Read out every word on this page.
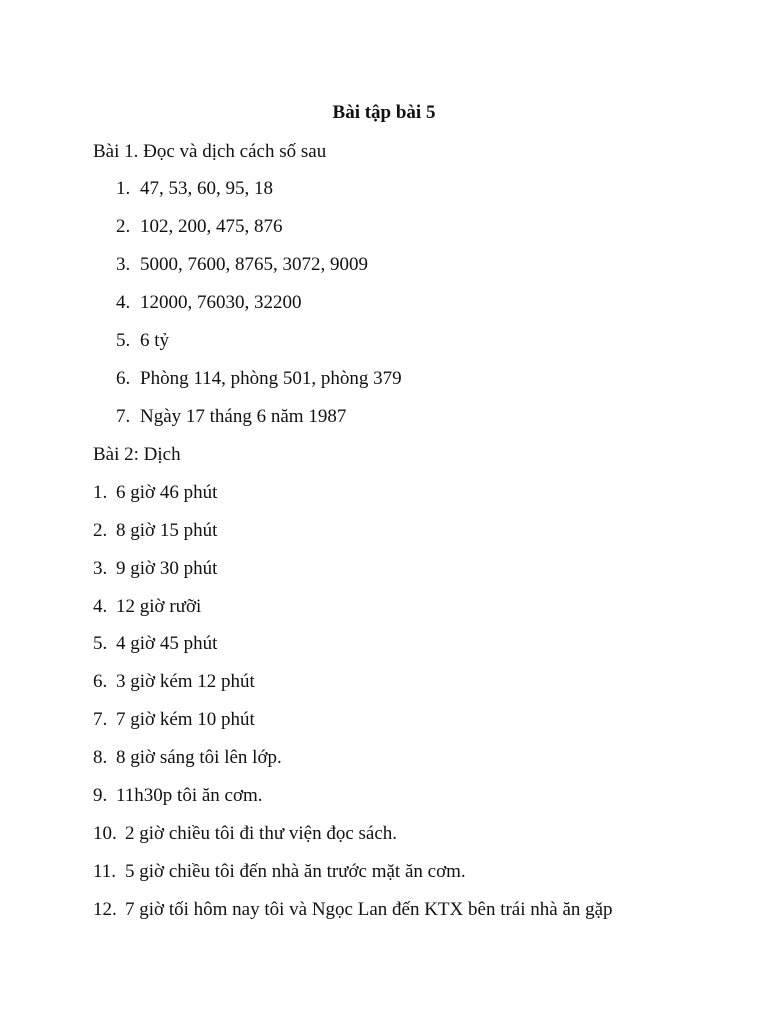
Bài tập bài 5
Bài 1. Đọc và dịch cách số sau
1. 47, 53, 60, 95, 18
2. 102, 200, 475, 876
3. 5000, 7600, 8765, 3072, 9009
4. 12000, 76030, 32200
5. 6 tỷ
6. Phòng 114, phòng 501, phòng 379
7. Ngày 17 tháng 6 năm 1987
Bài 2: Dịch
1. 6 giờ 46 phút
2. 8 giờ 15 phút
3. 9 giờ 30 phút
4. 12 giờ rưỡi
5. 4 giờ 45 phút
6. 3 giờ kém 12 phút
7. 7 giờ kém 10 phút
8. 8 giờ sáng tôi lên lớp.
9. 11h30p tôi ăn cơm.
10. 2 giờ chiều tôi đi thư viện đọc sách.
11. 5 giờ chiều tôi đến nhà ăn trước mặt ăn cơm.
12. 7 giờ tối hôm nay tôi và Ngọc Lan đến KTX bên trái nhà ăn gặp
